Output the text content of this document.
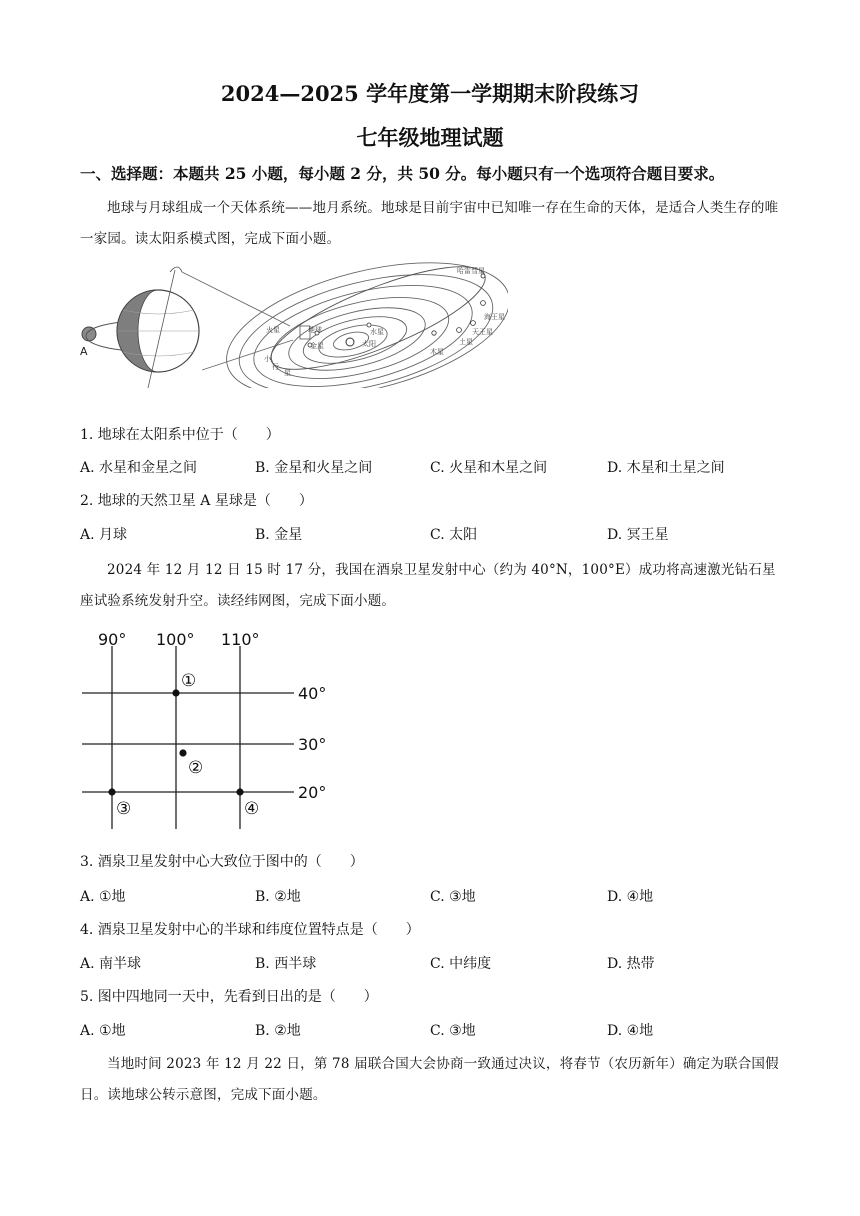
2024—2025 学年度第一学期期末阶段练习
七年级地理试题
一、选择题：本题共 25 小题，每小题 2 分，共 50 分。每小题只有一个选项符合题目要求。
地球与月球组成一个天体系统——地月系统。地球是目前宇宙中已知唯一存在生命的天体，是适合人类生存的唯一家园。读太阳系模式图，完成下面小题。
A
水星
太阳
金星
地球
火星
小
行
星
木星
土星
天王星
海王星
哈雷彗星
1. 地球在太阳系中位于（　　）
A. 水星和金星之间	B. 金星和火星之间	C. 火星和木星之间	D. 木星和土星之间
2. 地球的天然卫星 A 星球是（　　）
A. 月球	B. 金星	C. 太阳	D. 冥王星
2024 年 12 月 12 日 15 时 17 分，我国在酒泉卫星发射中心（约为 40°N，100°E）成功将高速激光钻石星座试验系统发射升空。读经纬网图，完成下面小题。
90° 100° 110°
40°
30°
20°
①
②
③	④
3. 酒泉卫星发射中心大致位于图中的（　　）
A. ①地	B. ②地	C. ③地	D. ④地
4. 酒泉卫星发射中心的半球和纬度位置特点是（　　）
A. 南半球	B. 西半球	C. 中纬度	D. 热带
5. 图中四地同一天中，先看到日出的是（　　）
A. ①地	B. ②地	C. ③地	D. ④地
当地时间 2023 年 12 月 22 日，第 78 届联合国大会协商一致通过决议，将春节（农历新年）确定为联合国假日。读地球公转示意图，完成下面小题。
